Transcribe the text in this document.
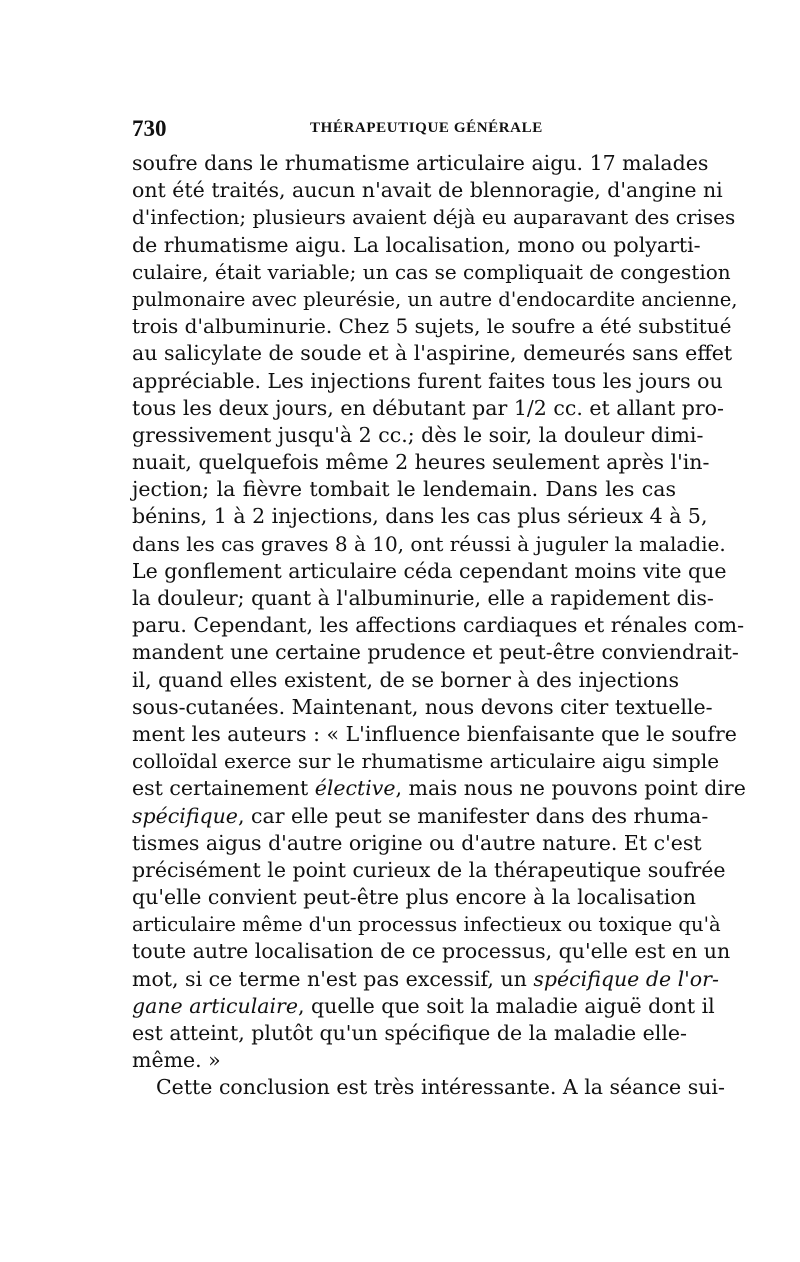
730	THÉRAPEUTIQUE GÉNÉRALE
soufre dans le rhumatisme articulaire aigu. 17 malades
ont été traités, aucun n'avait de blennoragie, d'angine ni
d'infection; plusieurs avaient déjà eu auparavant des crises
de rhumatisme aigu. La localisation, mono ou polyarti-
culaire, était variable; un cas se compliquait de congestion
pulmonaire avec pleurésie, un autre d'endocardite ancienne,
trois d'albuminurie. Chez 5 sujets, le soufre a été substitué
au salicylate de soude et à l'aspirine, demeurés sans effet
appréciable. Les injections furent faites tous les jours ou
tous les deux jours, en débutant par 1/2 cc. et allant pro-
gressivement jusqu'à 2 cc.; dès le soir, la douleur dimi-
nuait, quelquefois même 2 heures seulement après l'in-
jection; la fièvre tombait le lendemain. Dans les cas
bénins, 1 à 2 injections, dans les cas plus sérieux 4 à 5,
dans les cas graves 8 à 10, ont réussi à juguler la maladie.
Le gonflement articulaire céda cependant moins vite que
la douleur; quant à l'albuminurie, elle a rapidement dis-
paru. Cependant, les affections cardiaques et rénales com-
mandent une certaine prudence et peut-être conviendrait-
il, quand elles existent, de se borner à des injections
sous-cutanées. Maintenant, nous devons citer textuelle-
ment les auteurs : « L'influence bienfaisante que le soufre
colloïdal exerce sur le rhumatisme articulaire aigu simple
est certainement élective, mais nous ne pouvons point dire
spécifique, car elle peut se manifester dans des rhuma-
tismes aigus d'autre origine ou d'autre nature. Et c'est
précisément le point curieux de la thérapeutique soufrée
qu'elle convient peut-être plus encore à la localisation
articulaire même d'un processus infectieux ou toxique qu'à
toute autre localisation de ce processus, qu'elle est en un
mot, si ce terme n'est pas excessif, un spécifique de l'or-
gane articulaire, quelle que soit la maladie aiguë dont il
est atteint, plutôt qu'un spécifique de la maladie elle-
même. »
Cette conclusion est très intéressante. A la séance sui-
